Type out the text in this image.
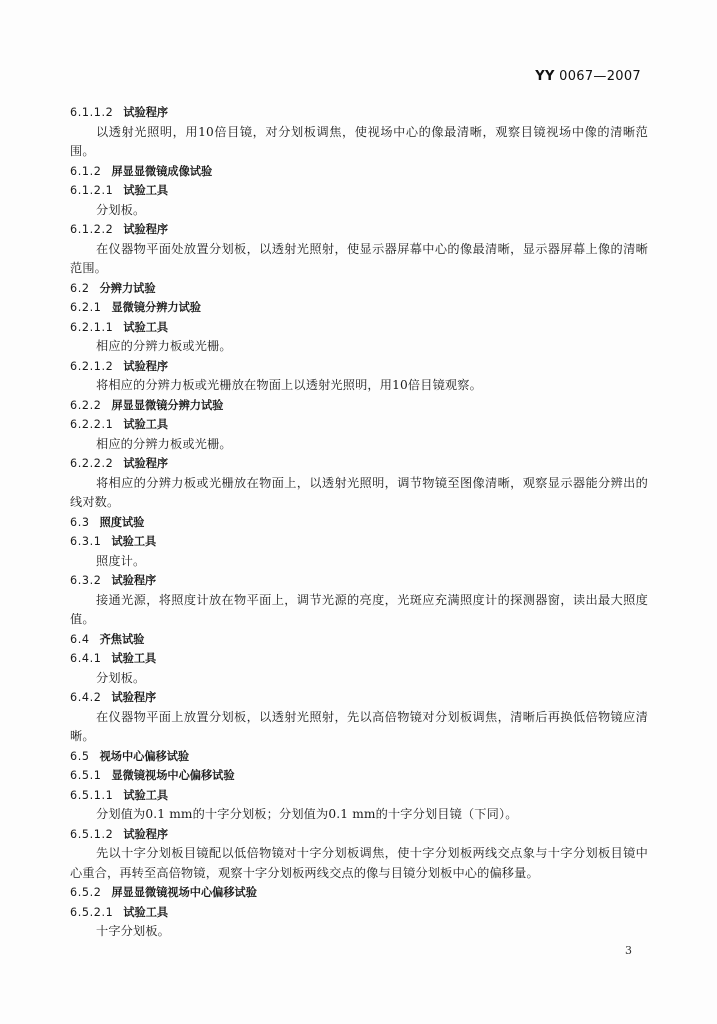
YY 0067—2007
6.1.1.2 试验程序
以透射光照明，用10倍目镜，对分划板调焦，使视场中心的像最清晰，观察目镜视场中像的清晰范围。
6.1.2 屏显显微镜成像试验
6.1.2.1 试验工具
分划板。
6.1.2.2 试验程序
在仪器物平面处放置分划板，以透射光照射，使显示器屏幕中心的像最清晰，显示器屏幕上像的清晰范围。
6.2 分辨力试验
6.2.1 显微镜分辨力试验
6.2.1.1 试验工具
相应的分辨力板或光栅。
6.2.1.2 试验程序
将相应的分辨力板或光栅放在物面上以透射光照明，用10倍目镜观察。
6.2.2 屏显显微镜分辨力试验
6.2.2.1 试验工具
相应的分辨力板或光栅。
6.2.2.2 试验程序
将相应的分辨力板或光栅放在物面上，以透射光照明，调节物镜至图像清晰，观察显示器能分辨出的线对数。
6.3 照度试验
6.3.1 试验工具
照度计。
6.3.2 试验程序
接通光源，将照度计放在物平面上，调节光源的亮度，光斑应充满照度计的探测器窗，读出最大照度值。
6.4 齐焦试验
6.4.1 试验工具
分划板。
6.4.2 试验程序
在仪器物平面上放置分划板，以透射光照射，先以高倍物镜对分划板调焦，清晰后再换低倍物镜应清晰。
6.5 视场中心偏移试验
6.5.1 显微镜视场中心偏移试验
6.5.1.1 试验工具
分划值为0.1 mm的十字分划板；分划值为0.1 mm的十字分划目镜（下同）。
6.5.1.2 试验程序
先以十字分划板目镜配以低倍物镜对十字分划板调焦，使十字分划板两线交点象与十字分划板目镜中心重合，再转至高倍物镜，观察十字分划板两线交点的像与目镜分划板中心的偏移量。
6.5.2 屏显显微镜视场中心偏移试验
6.5.2.1 试验工具
十字分划板。
3
